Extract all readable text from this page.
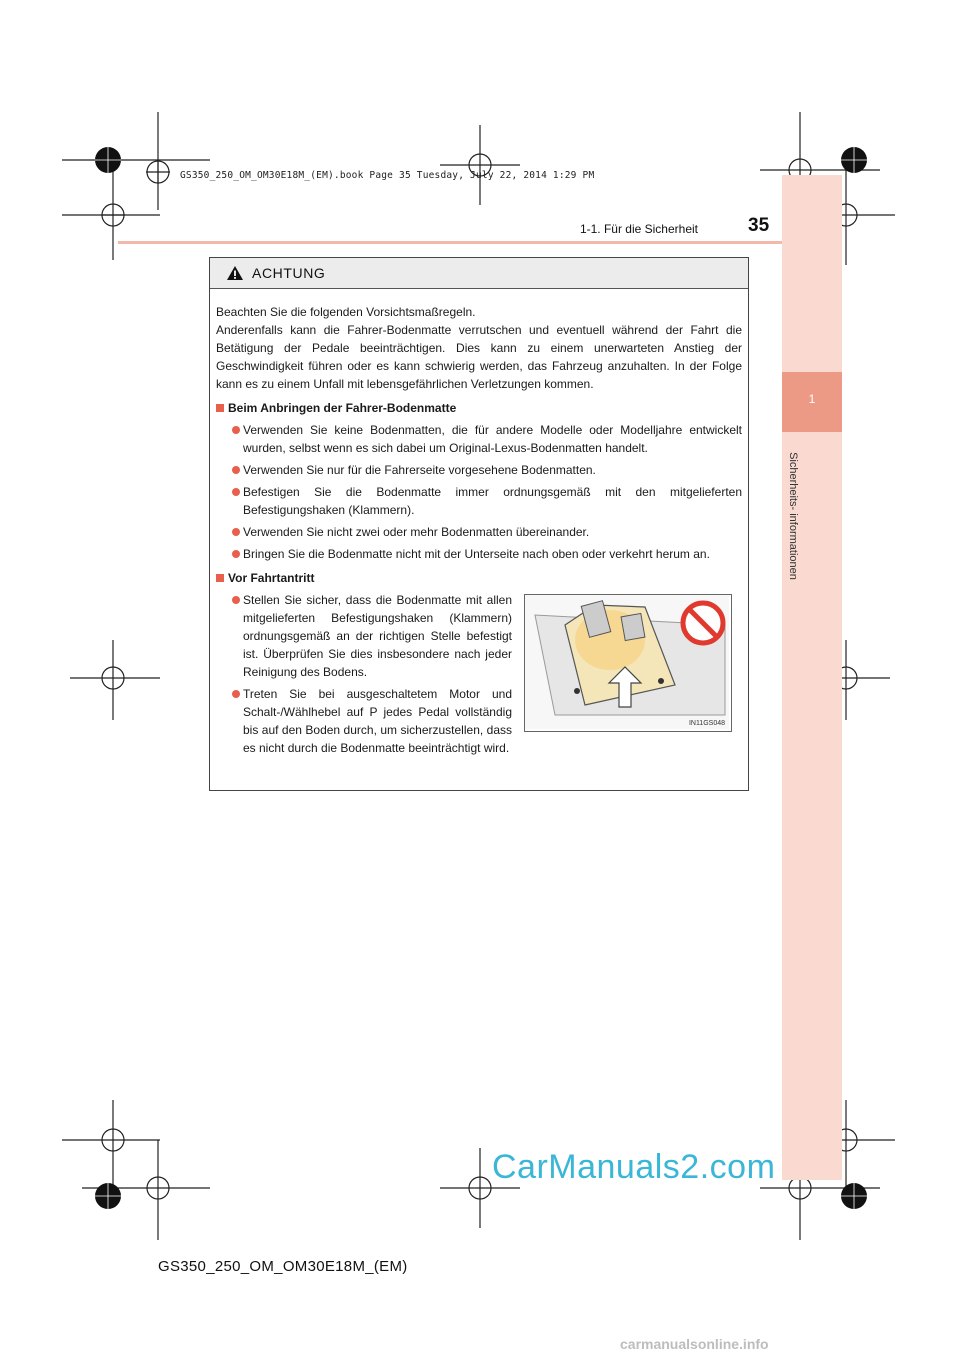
GS350_250_OM_OM30E18M_(EM).book Page 35 Tuesday, July 22, 2014 1:29 PM
1
Sicherheits- informationen
1-1. Für die Sicherheit	35
ACHTUNG

Beachten Sie die folgenden Vorsichtsmaßregeln.

Anderenfalls kann die Fahrer-Bodenmatte verrutschen und eventuell während der Fahrt die Betätigung der Pedale beeinträchtigen. Dies kann zu einem unerwarteten Anstieg der Geschwindigkeit führen oder es kann schwierig werden, das Fahrzeug anzuhalten. In der Folge kann es zu einem Unfall mit lebensgefährlichen Verletzungen kommen.

Beim Anbringen der Fahrer-Bodenmatte
Verwenden Sie keine Bodenmatten, die für andere Modelle oder Modelljahre entwickelt wurden, selbst wenn es sich dabei um Original-Lexus-Bodenmatten handelt.
Verwenden Sie nur für die Fahrerseite vorgesehene Bodenmatten.
Befestigen Sie die Bodenmatte immer ordnungsgemäß mit den mitgelieferten Befestigungshaken (Klammern).
Verwenden Sie nicht zwei oder mehr Bodenmatten übereinander.
Bringen Sie die Bodenmatte nicht mit der Unterseite nach oben oder verkehrt herum an.
Vor Fahrtantritt
Stellen Sie sicher, dass die Bodenmatte mit allen mitgelieferten Befestigungshaken (Klammern) ordnungsgemäß an der richtigen Stelle befestigt ist. Überprüfen Sie dies insbesondere nach jeder Reinigung des Bodens.
Treten Sie bei ausgeschaltetem Motor und Schalt-/Wählhebel auf P jedes Pedal vollständig bis auf den Boden durch, um sicherzustellen, dass es nicht durch die Bodenmatte beeinträchtigt wird.
IN11GS048
GS350_250_OM_OM30E18M_(EM)
CarManuals2.com
carmanualsonline.info
